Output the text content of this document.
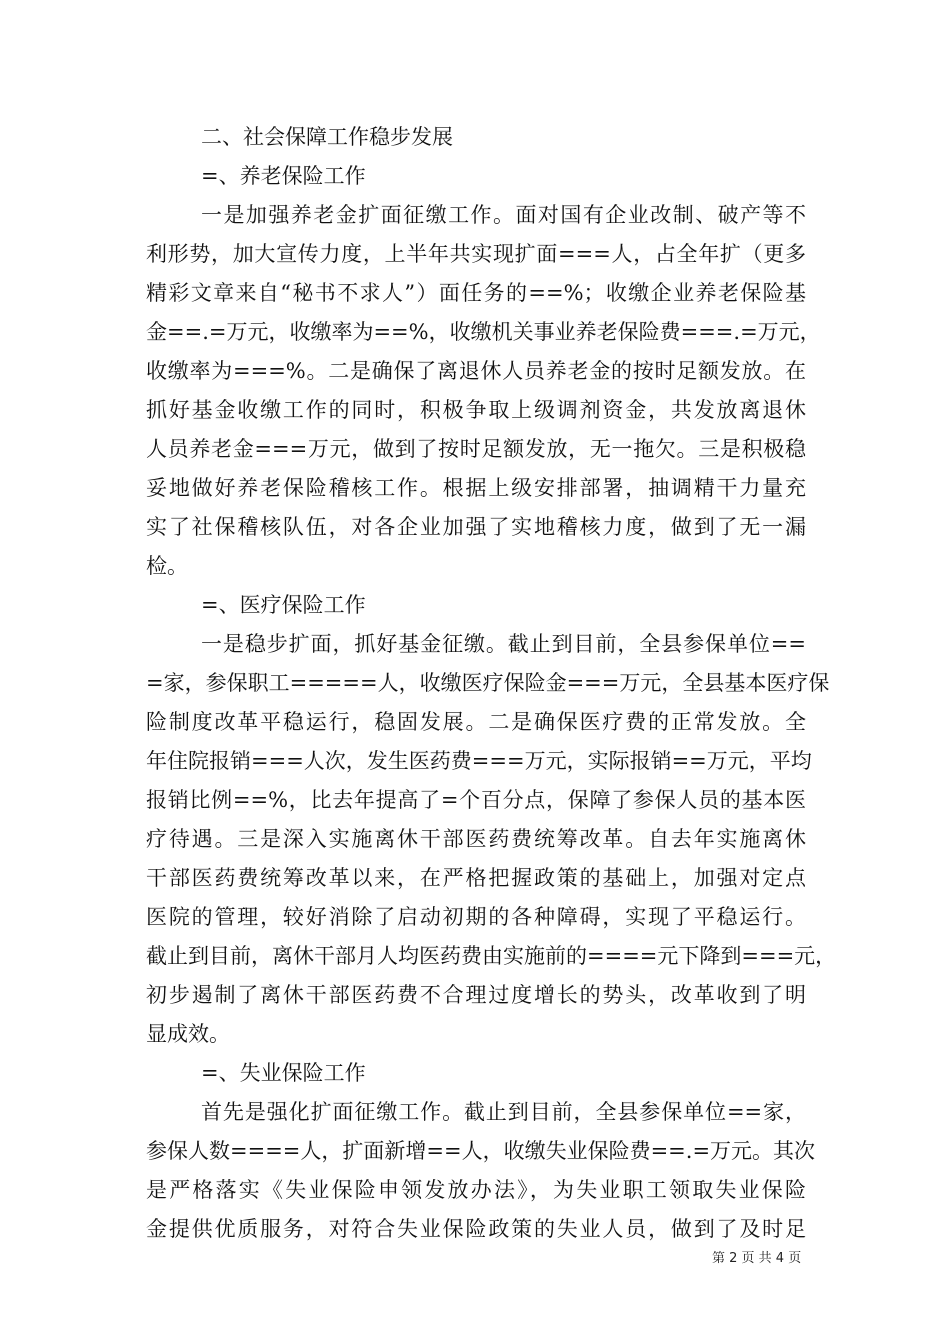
二、社会保障工作稳步发展
=、养老保险工作
一是加强养老金扩面征缴工作。面对国有企业改制、破产等不
利形势，加大宣传力度，上半年共实现扩面===人，占全年扩（更多
精彩文章来自“秘书不求人”）面任务的==%；收缴企业养老保险基
金==.=万元，收缴率为==%，收缴机关事业养老保险费===.=万元，
收缴率为===%。二是确保了离退休人员养老金的按时足额发放。在
抓好基金收缴工作的同时，积极争取上级调剂资金，共发放离退休
人员养老金===万元，做到了按时足额发放，无一拖欠。三是积极稳
妥地做好养老保险稽核工作。根据上级安排部署，抽调精干力量充
实了社保稽核队伍，对各企业加强了实地稽核力度，做到了无一漏
检。
=、医疗保险工作
一是稳步扩面，抓好基金征缴。截止到目前，全县参保单位==
=家，参保职工=====人，收缴医疗保险金===万元，全县基本医疗保
险制度改革平稳运行，稳固发展。二是确保医疗费的正常发放。全
年住院报销===人次，发生医药费===万元，实际报销==万元，平均
报销比例==%，比去年提高了=个百分点，保障了参保人员的基本医
疗待遇。三是深入实施离休干部医药费统筹改革。自去年实施离休
干部医药费统筹改革以来，在严格把握政策的基础上，加强对定点
医院的管理，较好消除了启动初期的各种障碍，实现了平稳运行。
截止到目前，离休干部月人均医药费由实施前的====元下降到===元，
初步遏制了离休干部医药费不合理过度增长的势头，改革收到了明
显成效。
=、失业保险工作
首先是强化扩面征缴工作。截止到目前，全县参保单位==家，
参保人数====人，扩面新增==人，收缴失业保险费==.=万元。其次
是严格落实《失业保险申领发放办法》，为失业职工领取失业保险
金提供优质服务，对符合失业保险政策的失业人员，做到了及时足
第 2 页 共 4 页
